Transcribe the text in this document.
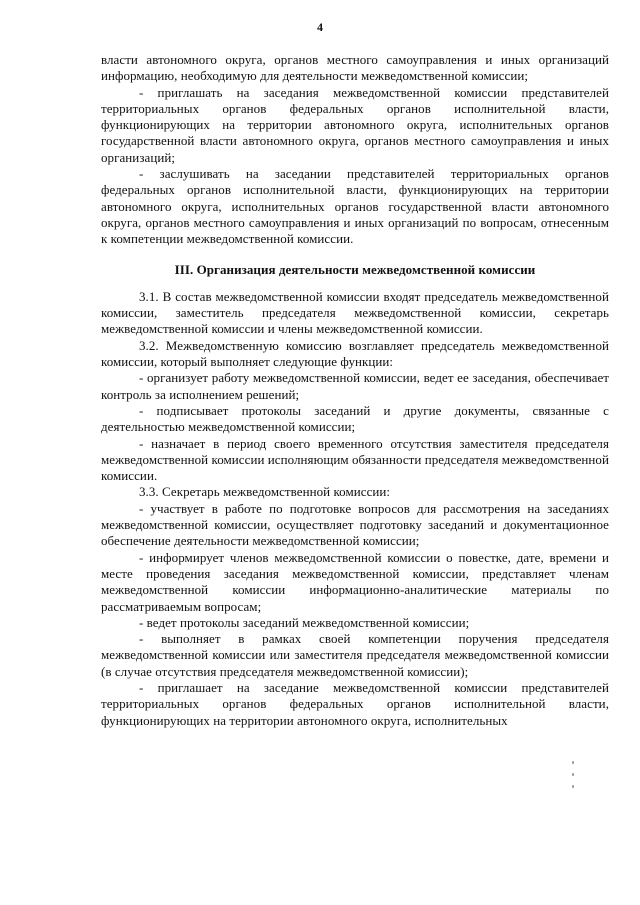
4

власти автономного округа, органов местного самоуправления и иных организаций информацию, необходимую для деятельности межведомственной комиссии;

- приглашать на заседания межведомственной комиссии представителей территориальных органов федеральных органов исполнительной власти, функционирующих на территории автономного округа, исполнительных органов государственной власти автономного округа, органов местного самоуправления и иных организаций;

- заслушивать на заседании представителей территориальных органов федеральных органов исполнительной власти, функционирующих на территории автономного округа, исполнительных органов государственной власти автономного округа, органов местного самоуправления и иных организаций по вопросам, отнесенным к компетенции межведомственной комиссии.

III. Организация деятельности межведомственной комиссии

3.1. В состав межведомственной комиссии входят председатель межведомственной комиссии, заместитель председателя межведомственной комиссии, секретарь межведомственной комиссии и члены межведомственной комиссии.

3.2. Межведомственную комиссию возглавляет председатель межведомственной комиссии, который выполняет следующие функции:

- организует работу межведомственной комиссии, ведет ее заседания, обеспечивает контроль за исполнением решений;

- подписывает протоколы заседаний и другие документы, связанные с деятельностью межведомственной комиссии;

- назначает в период своего временного отсутствия заместителя председателя межведомственной комиссии исполняющим обязанности председателя межведомственной комиссии.

3.3. Секретарь межведомственной комиссии:

- участвует в работе по подготовке вопросов для рассмотрения на заседаниях межведомственной комиссии, осуществляет подготовку заседаний и документационное обеспечение деятельности межведомственной комиссии;

- информирует членов межведомственной комиссии о повестке, дате, времени и месте проведения заседания межведомственной комиссии, представляет членам межведомственной комиссии информационно-аналитические материалы по рассматриваемым вопросам;

- ведет протоколы заседаний межведомственной комиссии;

- выполняет в рамках своей компетенции поручения председателя межведомственной комиссии или заместителя председателя межведомственной комиссии (в случае отсутствия председателя межведомственной комиссии);

- приглашает на заседание межведомственной комиссии представителей территориальных органов федеральных органов исполнительной власти, функционирующих на территории автономного округа, исполнительных
